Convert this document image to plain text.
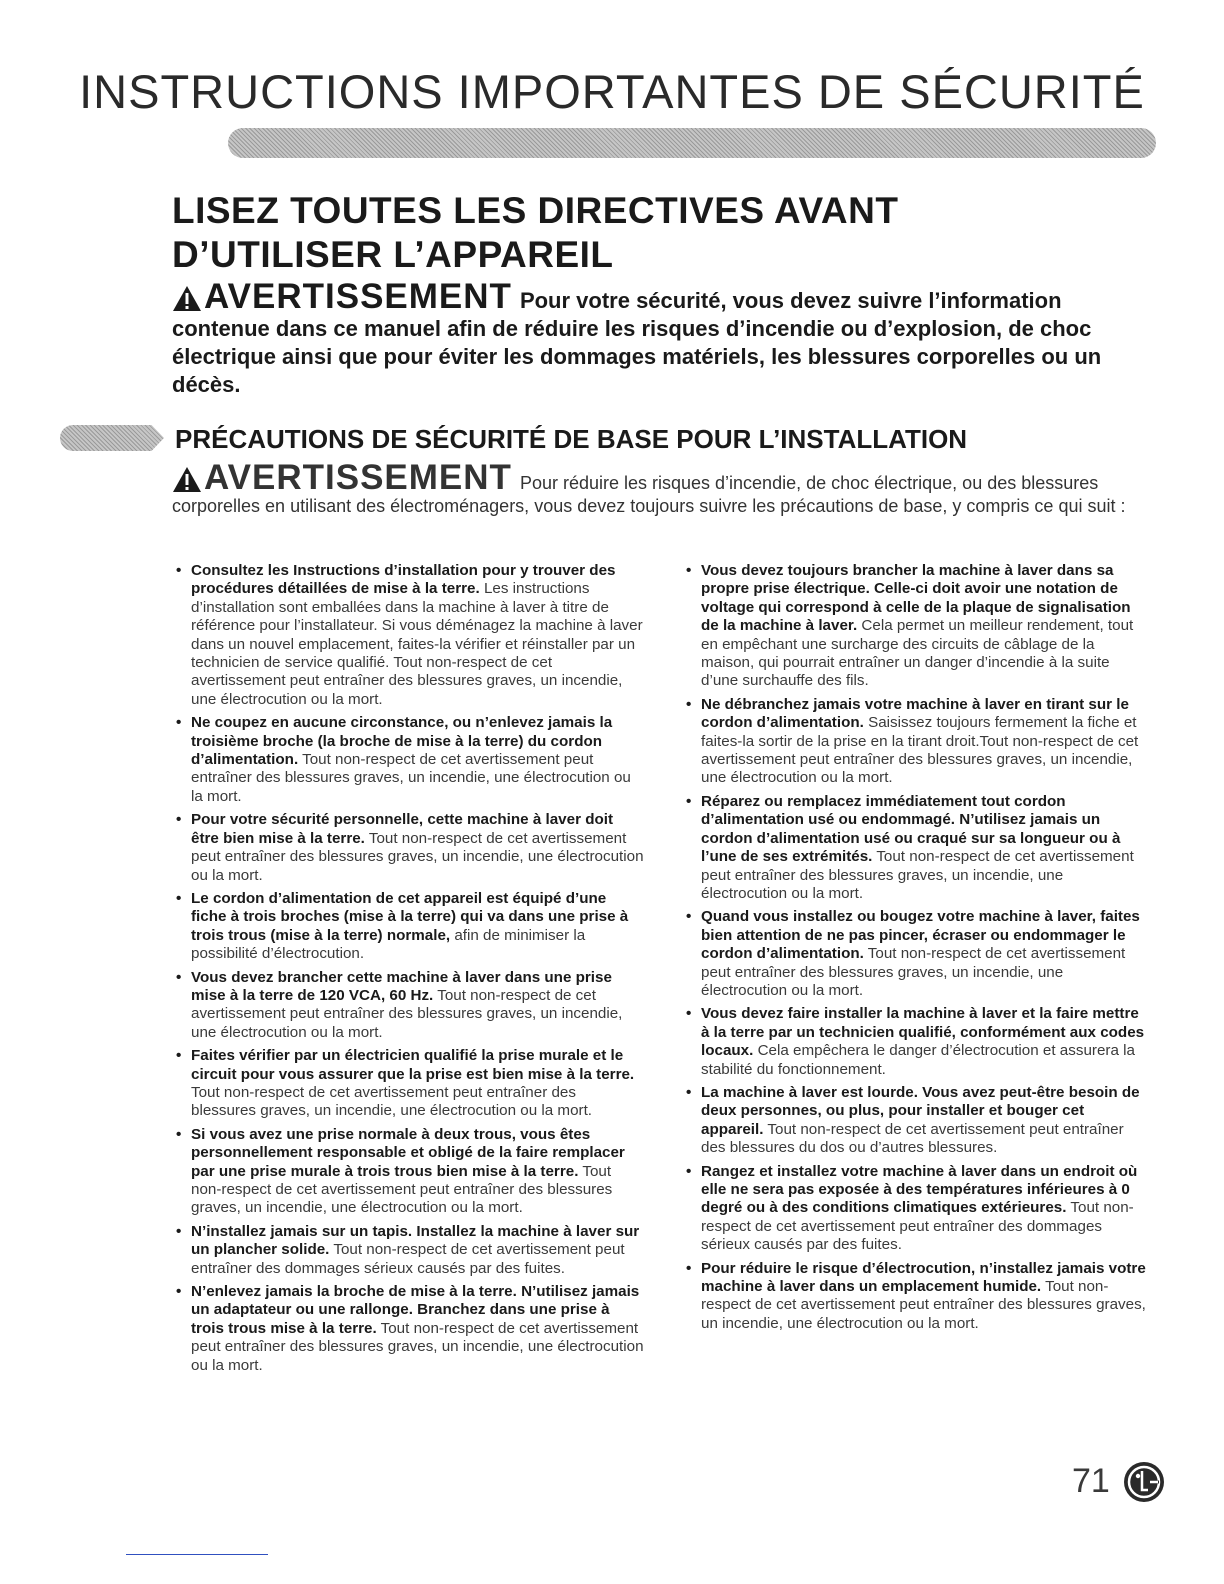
INSTRUCTIONS IMPORTANTES DE SÉCURITÉ
LISEZ TOUTES LES DIRECTIVES AVANT
D’UTILISER L’APPAREIL

AVERTISSEMENT Pour votre sécurité, vous devez suivre l’information contenue dans ce manuel afin de réduire les risques d’incendie ou d’explosion, de choc électrique ainsi que pour éviter les dommages matériels, les blessures corporelles ou un décès.

PRÉCAUTIONS DE SÉCURITÉ DE BASE POUR L’INSTALLATION

AVERTISSEMENT Pour réduire les risques d’incendie, de choc électrique, ou des blessures corporelles en utilisant des électroménagers, vous devez toujours suivre les précautions de base, y compris ce qui suit :

• Consultez les Instructions d’installation pour y trouver des procédures détaillées de mise à la terre. Les instructions d’installation sont emballées dans la machine à laver à titre de référence pour l’installateur. Si vous déménagez la machine à laver dans un nouvel emplacement, faites-la vérifier et réinstaller par un technicien de service qualifié. Tout non-respect de cet avertissement peut entraîner des blessures graves, un incendie, une électrocution ou la mort.

• Ne coupez en aucune circonstance, ou n’enlevez jamais la troisième broche (la broche de mise à la terre) du cordon d’alimentation. Tout non-respect de cet avertissement peut entraîner des blessures graves, un incendie, une électrocution ou la mort.

• Pour votre sécurité personnelle, cette machine à laver doit être bien mise à la terre. Tout non-respect de cet avertissement peut entraîner des blessures graves, un incendie, une électrocution ou la mort.

• Le cordon d’alimentation de cet appareil est équipé d’une fiche à trois broches (mise à la terre) qui va dans une prise à trois trous (mise à la terre) normale, afin de minimiser la possibilité d’électrocution.

• Vous devez brancher cette machine à laver dans une prise mise à la terre de 120 VCA, 60 Hz. Tout non-respect de cet avertissement peut entraîner des blessures graves, un incendie, une électrocution ou la mort.

• Faites vérifier par un électricien qualifié la prise murale et le circuit pour vous assurer que la prise est bien mise à la terre. Tout non-respect de cet avertissement peut entraîner des blessures graves, un incendie, une électrocution ou la mort.

• Si vous avez une prise normale à deux trous, vous êtes personnellement responsable et obligé de la faire remplacer par une prise murale à trois trous bien mise à la terre. Tout non-respect de cet avertissement peut entraîner des blessures graves, un incendie, une électrocution ou la mort.

• N’installez jamais sur un tapis. Installez la machine à laver sur un plancher solide. Tout non-respect de cet avertissement peut entraîner des dommages sérieux causés par des fuites.

• N’enlevez jamais la broche de mise à la terre. N’utilisez jamais un adaptateur ou une rallonge. Branchez dans une prise à trois trous mise à la terre. Tout non-respect de cet avertissement peut entraîner des blessures graves, un incendie, une électrocution ou la mort.

• Vous devez toujours brancher la machine à laver dans sa propre prise électrique. Celle-ci doit avoir une notation de voltage qui correspond à celle de la plaque de signalisation de la machine à laver. Cela permet un meilleur rendement, tout en empêchant une surcharge des circuits de câblage de la maison, qui pourrait entraîner un danger d’incendie à la suite d’une surchauffe des fils.

• Ne débranchez jamais votre machine à laver en tirant sur le cordon d’alimentation. Saisissez toujours fermement la fiche et faites-la sortir de la prise en la tirant droit.Tout non-respect de cet avertissement peut entraîner des blessures graves, un incendie, une électrocution ou la mort.

• Réparez ou remplacez immédiatement tout cordon d’alimentation usé ou endommagé. N’utilisez jamais un cordon d’alimentation usé ou craqué sur sa longueur ou à l’une de ses extrémités. Tout non-respect de cet avertissement peut entraîner des blessures graves, un incendie, une électrocution ou la mort.

• Quand vous installez ou bougez votre machine à laver, faites bien attention de ne pas pincer, écraser ou endommager le cordon d’alimentation. Tout non-respect de cet avertissement peut entraîner des blessures graves, un incendie, une électrocution ou la mort.

• Vous devez faire installer la machine à laver et la faire mettre à la terre par un technicien qualifié, conformément aux codes locaux. Cela empêchera le danger d’électrocution et assurera la stabilité du fonctionnement.

• La machine à laver est lourde. Vous avez peut-être besoin de deux personnes, ou plus, pour installer et bouger cet appareil. Tout non-respect de cet avertissement peut entraîner des blessures du dos ou d’autres blessures.

• Rangez et installez votre machine à laver dans un endroit où elle ne sera pas exposée à des températures inférieures à 0 degré ou à des conditions climatiques extérieures. Tout non-respect de cet avertissement peut entraîner des dommages sérieux causés par des fuites.

• Pour réduire le risque d’électrocution, n’installez jamais votre machine à laver dans un emplacement humide. Tout non-respect de cet avertissement peut entraîner des blessures graves, un incendie, une électrocution ou la mort.

71
